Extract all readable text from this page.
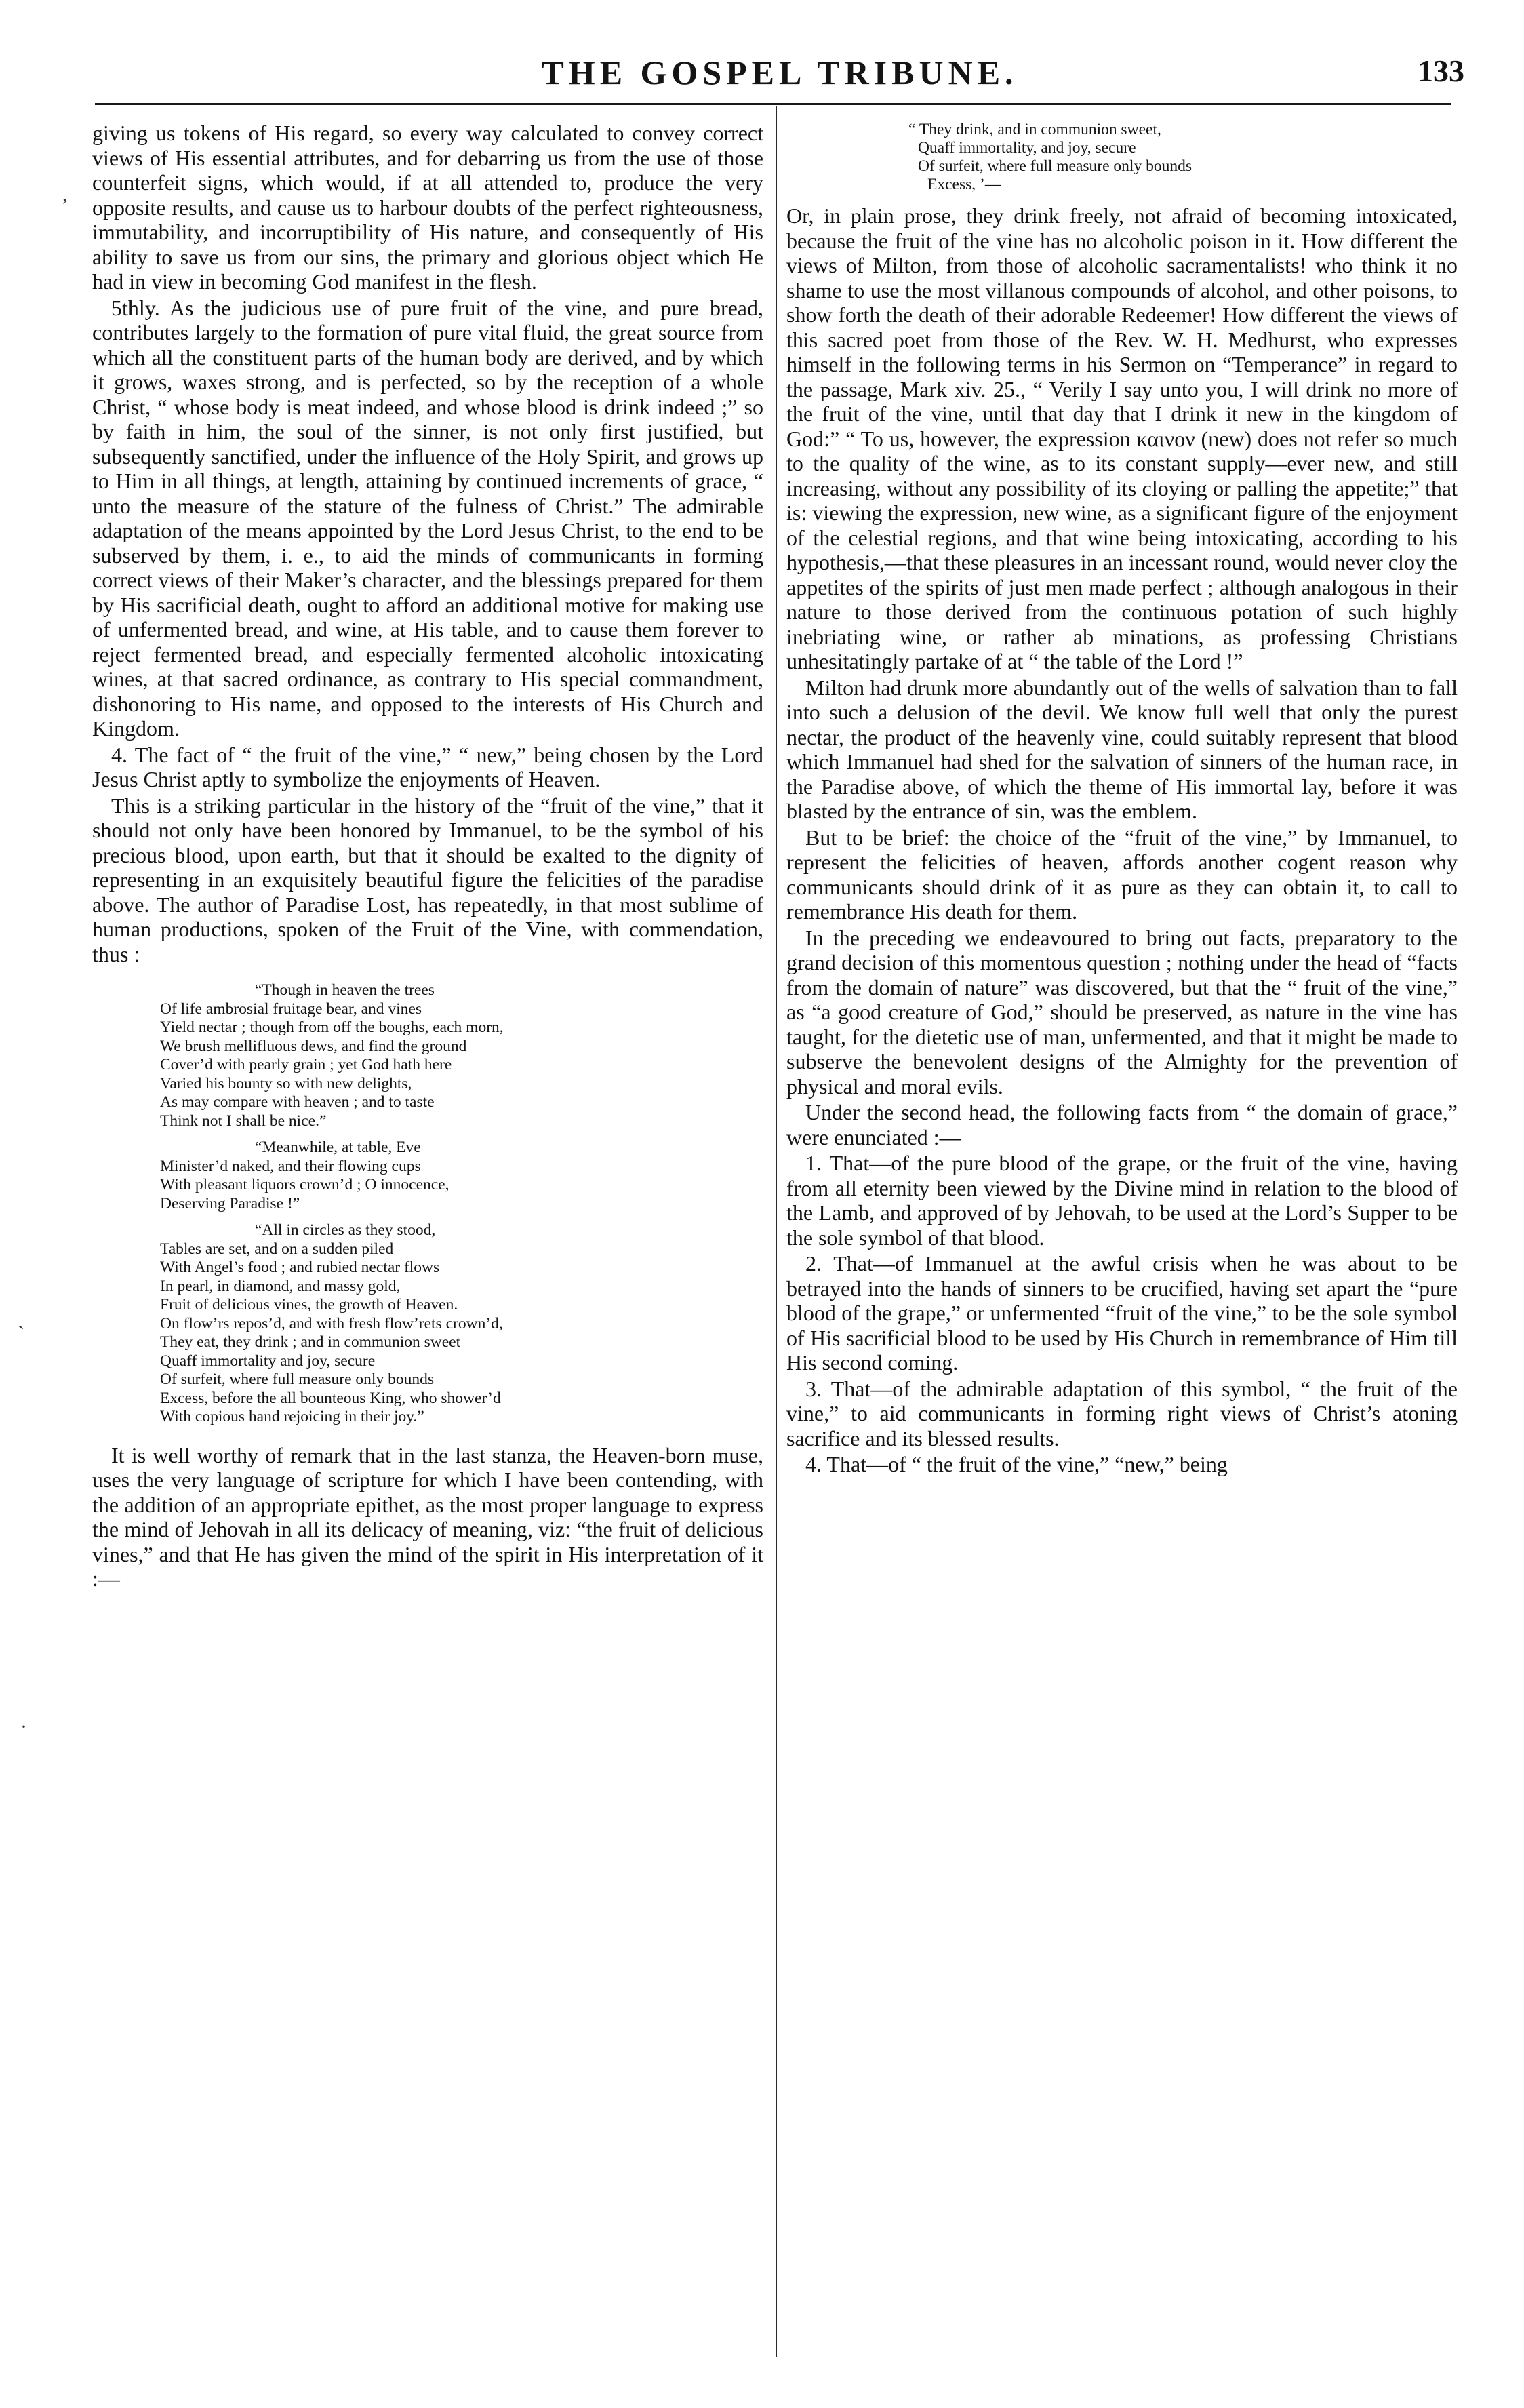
THE GOSPEL TRIBUNE.	133

giving us tokens of His regard, so every way calculated to convey correct views of His essential attributes, and for debarring us from the use of those counterfeit signs, which would, if at all attended to, produce the very opposite results, and cause us to harbour doubts of the perfect righteousness, immutability, and incorruptibility of His nature, and consequently of His ability to save us from our sins, the primary and glorious object which He had in view in becoming God manifest in the flesh.

5thly. As the judicious use of pure fruit of the vine, and pure bread, contributes largely to the formation of pure vital fluid, the great source from which all the constituent parts of the human body are derived, and by which it grows, waxes strong, and is perfected, so by the reception of a whole Christ, “ whose body is meat indeed, and whose blood is drink indeed ;” so by faith in him, the soul of the sinner, is not only first justified, but subsequently sanctified, under the influence of the Holy Spirit, and grows up to Him in all things, at length, attaining by continued increments of grace, “ unto the measure of the stature of the fulness of Christ.” The admirable adaptation of the means appointed by the Lord Jesus Christ, to the end to be subserved by them, i. e., to aid the minds of communicants in forming correct views of their Maker’s character, and the blessings prepared for them by His sacrificial death, ought to afford an additional motive for making use of unfermented bread, and wine, at His table, and to cause them forever to reject fermented bread, and especially fermented alcoholic intoxicating wines, at that sacred ordinance, as contrary to His special commandment, dishonoring to His name, and opposed to the interests of His Church and Kingdom.

4. The fact of “ the fruit of the vine,” “ new,” being chosen by the Lord Jesus Christ aptly to symbolize the enjoyments of Heaven.

This is a striking particular in the history of the “fruit of the vine,” that it should not only have been honored by Immanuel, to be the symbol of his precious blood, upon earth, but that it should be exalted to the dignity of representing in an exquisitely beautiful figure the felicities of the paradise above. The author of Paradise Lost, has repeatedly, in that most sublime of human productions, spoken of the Fruit of the Vine, with commendation, thus :

“Though in heaven the trees
Of life ambrosial fruitage bear, and vines
Yield nectar ; though from off the boughs, each morn,
We brush mellifluous dews, and find the ground
Cover’d with pearly grain ; yet God hath here
Varied his bounty so with new delights,
As may compare with heaven ; and to taste
Think not I shall be nice.”
“Meanwhile, at table, Eve
Minister’d naked, and their flowing cups
With pleasant liquors crown’d ; O innocence,
Deserving Paradise !”
“All in circles as they stood,
Tables are set, and on a sudden piled
With Angel’s food ; and rubied nectar flows
In pearl, in diamond, and massy gold,
Fruit of delicious vines, the growth of Heaven.
On flow’rs repos’d, and with fresh flow’rets crown’d,
They eat, they drink ; and in communion sweet
Quaff immortality and joy, secure
Of surfeit, where full measure only bounds
Excess, before the all bounteous King, who shower’d
With copious hand rejoicing in their joy.”

It is well worthy of remark that in the last stanza, the Heaven-born muse, uses the very language of scripture for which I have been contending, with the addition of an appropriate epithet, as the most proper language to express the mind of Jehovah in all its delicacy of meaning, viz: “the fruit of delicious vines,” and that He has given the mind of the spirit in His interpretation of it :—

“ They drink, and in communion sweet,
Quaff immortality, and joy, secure
Of surfeit, where full measure only bounds
Excess, ’—

Or, in plain prose, they drink freely, not afraid of becoming intoxicated, because the fruit of the vine has no alcoholic poison in it. How different the views of Milton, from those of alcoholic sacramentalists! who think it no shame to use the most villanous compounds of alcohol, and other poisons, to show forth the death of their adorable Redeemer! How different the views of this sacred poet from those of the Rev. W. H. Medhurst, who expresses himself in the following terms in his Sermon on “Temperance” in regard to the passage, Mark xiv. 25., “ Verily I say unto you, I will drink no more of the fruit of the vine, until that day that I drink it new in the kingdom of God:” “ To us, however, the expression καινον (new) does not refer so much to the quality of the wine, as to its constant supply—ever new, and still increasing, without any possibility of its cloying or palling the appetite;” that is: viewing the expression, new wine, as a significant figure of the enjoyment of the celestial regions, and that wine being intoxicating, according to his hypothesis,—that these pleasures in an incessant round, would never cloy the appetites of the spirits of just men made perfect ; although analogous in their nature to those derived from the continuous potation of such highly inebriating wine, or rather ab minations, as professing Christians unhesitatingly partake of at “ the table of the Lord !”

Milton had drunk more abundantly out of the wells of salvation than to fall into such a delusion of the devil. We know full well that only the purest nectar, the product of the heavenly vine, could suitably represent that blood which Immanuel had shed for the salvation of sinners of the human race, in the Paradise above, of which the theme of His immortal lay, before it was blasted by the entrance of sin, was the emblem.

But to be brief: the choice of the “fruit of the vine,” by Immanuel, to represent the felicities of heaven, affords another cogent reason why communicants should drink of it as pure as they can obtain it, to call to remembrance His death for them.

In the preceding we endeavoured to bring out facts, preparatory to the grand decision of this momentous question ; nothing under the head of “facts from the domain of nature” was discovered, but that the “ fruit of the vine,” as “a good creature of God,” should be preserved, as nature in the vine has taught, for the dietetic use of man, unfermented, and that it might be made to subserve the benevolent designs of the Almighty for the prevention of physical and moral evils.

Under the second head, the following facts from “ the domain of grace,” were enunciated :—

1. That—of the pure blood of the grape, or the fruit of the vine, having from all eternity been viewed by the Divine mind in relation to the blood of the Lamb, and approved of by Jehovah, to be used at the Lord’s Supper to be the sole symbol of that blood.

2. That—of Immanuel at the awful crisis when he was about to be betrayed into the hands of sinners to be crucified, having set apart the “pure blood of the grape,” or unfermented “fruit of the vine,” to be the sole symbol of His sacrificial blood to be used by His Church in remembrance of Him till His second coming.

3. That—of the admirable adaptation of this symbol, “ the fruit of the vine,” to aid communicants in forming right views of Christ’s atoning sacrifice and its blessed results.

4. That—of “ the fruit of the vine,” “new,” being

,
`
·
